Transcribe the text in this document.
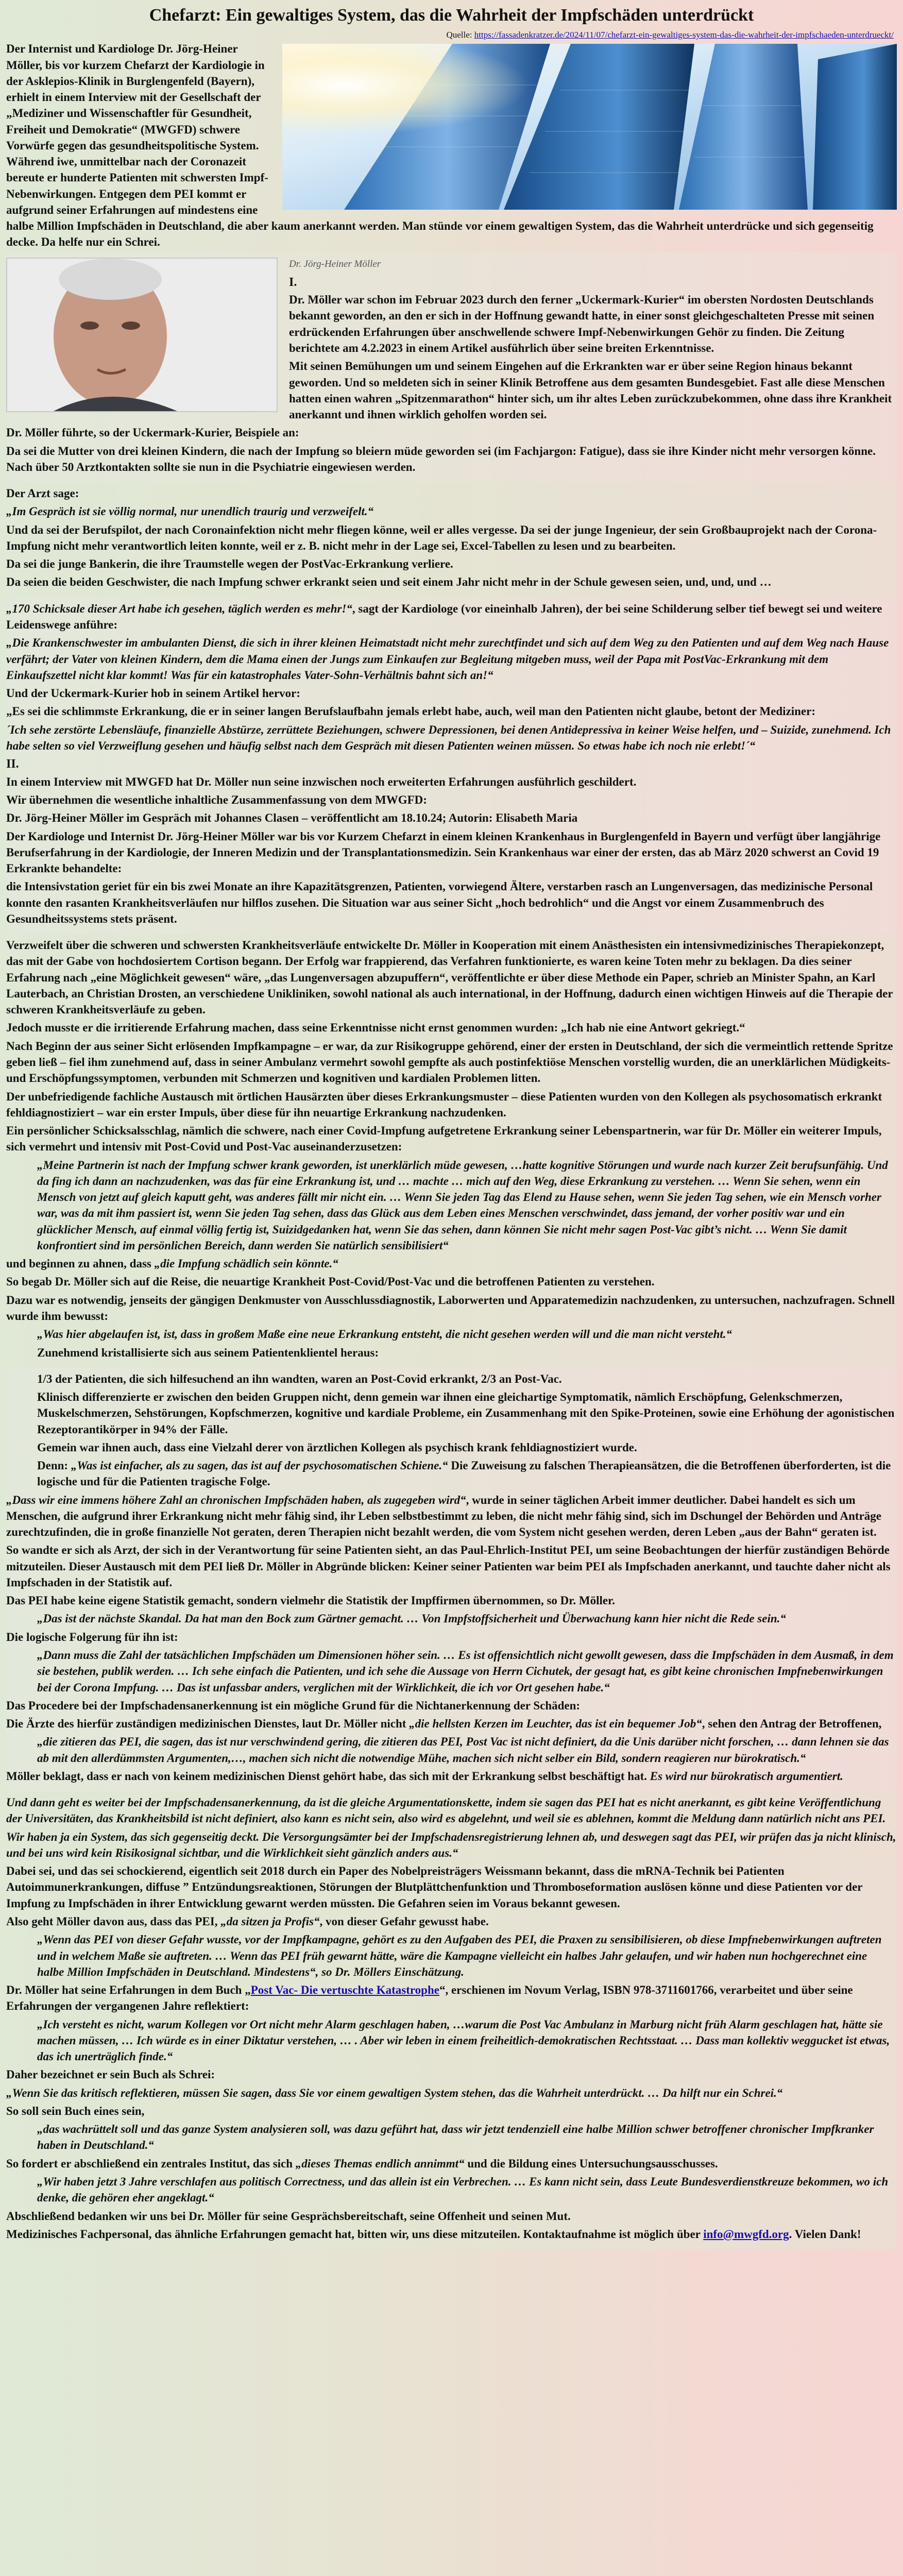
Chefarzt: Ein gewaltiges System, das die Wahrheit der Impfschäden unterdrückt
Quelle: https://fassadenkratzer.de/2024/11/07/chefarzt-ein-gewaltiges-system-das-die-wahrheit-der-impfschaeden-unterdrueckt/

Der Internist und Kardiologe Dr. Jörg-Heiner Möller, bis vor kurzem Chefarzt der Kardiologie in der Asklepios-Klinik in Burglengenfeld (Bayern), erhielt in einem Interview mit der Gesellschaft der „Mediziner und Wissenschaftler für Gesundheit, Freiheit und Demokratie“ (MWGFD) schwere Vorwürfe gegen das gesundheitspolitische System. Während iwe, unmittelbar nach der Coronazeit bereute er hunderte Patienten mit schwersten Impf-Nebenwirkungen. Entgegen dem PEI kommt er aufgrund seiner Erfahrungen auf mindestens eine halbe Million Impfschäden in Deutschland, die aber kaum anerkannt werden. Man stünde vor einem gewaltigen System, das die Wahrheit unterdrücke und sich gegenseitig decke. Da helfe nur ein Schrei.

Dr. Jörg-Heiner Möller
I.

Dr. Möller war schon im Februar 2023 durch den ferner „Uckermark-Kurier“ im obersten Nordosten Deutschlands bekannt geworden, an den er sich in der Hoffnung gewandt hatte, in einer sonst gleichgeschalteten Presse mit seinen erdrückenden Erfahrungen über anschwellende schwere Impf-Nebenwirkungen Gehör zu finden. Die Zeitung berichtete am 4.2.2023 in einem Artikel ausführlich über seine breiten Erkenntnisse.

Mit seinen Bemühungen um und seinem Eingehen auf die Erkrankten war er über seine Region hinaus bekannt geworden. Und so meldeten sich in seiner Klinik Betroffene aus dem gesamten Bundesgebiet. Fast alle diese Menschen hatten einen wahren „Spitzenmarathon“ hinter sich, um ihr altes Leben zurückzubekommen, ohne dass ihre Krankheit anerkannt und ihnen wirklich geholfen worden sei.

Dr. Möller führte, so der Uckermark-Kurier, Beispiele an:

Da sei die Mutter von drei kleinen Kindern, die nach der Impfung so bleiern müde geworden sei (im Fachjargon: Fatigue), dass sie ihre Kinder nicht mehr versorgen könne. Nach über 50 Arztkontakten sollte sie nun in die Psychiatrie eingewiesen werden.

Der Arzt sage:

„Im Gespräch ist sie völlig normal, nur unendlich traurig und verzweifelt.“

Und da sei der Berufspilot, der nach Coronainfektion nicht mehr fliegen könne, weil er alles vergesse. Da sei der junge Ingenieur, der sein Großbauprojekt nach der Corona-Impfung nicht mehr verantwortlich leiten konnte, weil er z. B. nicht mehr in der Lage sei, Excel-Tabellen zu lesen und zu bearbeiten.

Da sei die junge Bankerin, die ihre Traumstelle wegen der PostVac-Erkrankung verliere.

Da seien die beiden Geschwister, die nach Impfung schwer erkrankt seien und seit einem Jahr nicht mehr in der Schule gewesen seien, und, und, und …

„170 Schicksale dieser Art habe ich gesehen, täglich werden es mehr!“, sagt der Kardiologe (vor eineinhalb Jahren), der bei seine Schilderung selber tief bewegt sei und weitere Leidenswege anführe:

„Die Krankenschwester im ambulanten Dienst, die sich in ihrer kleinen Heimatstadt nicht mehr zurechtfindet und sich auf dem Weg zu den Patienten und auf dem Weg nach Hause verfährt; der Vater von kleinen Kindern, dem die Mama einen der Jungs zum Einkaufen zur Begleitung mitgeben muss, weil der Papa mit PostVac-Erkrankung mit dem Einkaufszettel nicht klar kommt! Was für ein katastrophales Vater-Sohn-Verhältnis bahnt sich an!“

Und der Uckermark-Kurier hob in seinem Artikel hervor:

„Es sei die schlimmste Erkrankung, die er in seiner langen Berufslaufbahn jemals erlebt habe, auch, weil man den Patienten nicht glaube, betont der Mediziner:

´Ich sehe zerstörte Lebensläufe, finanzielle Abstürze, zerrüttete Beziehungen, schwere Depressionen, bei denen Antidepressiva in keiner Weise helfen, und – Suizide, zunehmend. Ich habe selten so viel Verzweiflung gesehen und häufig selbst nach dem Gespräch mit diesen Patienten weinen müssen. So etwas habe ich noch nie erlebt!´“

II.

In einem Interview mit MWGFD hat Dr. Möller nun seine inzwischen noch erweiterten Erfahrungen ausführlich geschildert.

Wir übernehmen die wesentliche inhaltliche Zusammenfassung von dem MWGFD:

Dr. Jörg-Heiner Möller im Gespräch mit Johannes Clasen – veröffentlicht am 18.10.24; Autorin: Elisabeth Maria

Der Kardiologe und Internist Dr. Jörg-Heiner Möller war bis vor Kurzem Chefarzt in einem kleinen Krankenhaus in Burglengenfeld in Bayern und verfügt über langjährige Berufserfahrung in der Kardiologie, der Inneren Medizin und der Transplantationsmedizin. Sein Krankenhaus war einer der ersten, das ab März 2020 schwerst an Covid 19 Erkrankte behandelte:

die Intensivstation geriet für ein bis zwei Monate an ihre Kapazitätsgrenzen, Patienten, vorwiegend Ältere, verstarben rasch an Lungenversagen, das medizinische Personal konnte den rasanten Krankheitsverläufen nur hilflos zusehen. Die Situation war aus seiner Sicht „hoch bedrohlich“ und die Angst vor einem Zusammenbruch des Gesundheitssystems stets präsent.

Verzweifelt über die schweren und schwersten Krankheitsverläufe entwickelte Dr. Möller in Kooperation mit einem Anästhesisten ein intensivmedizinisches Therapiekonzept, das mit der Gabe von hochdosiertem Cortison begann. Der Erfolg war frappierend, das Verfahren funktionierte, es waren keine Toten mehr zu beklagen. Da dies seiner Erfahrung nach „eine Möglichkeit gewesen“ wäre, „das Lungenversagen abzupuffern“, veröffentlichte er über diese Methode ein Paper, schrieb an Minister Spahn, an Karl Lauterbach, an Christian Drosten, an verschiedene Unikliniken, sowohl national als auch international, in der Hoffnung, dadurch einen wichtigen Hinweis auf die Therapie der schweren Krankheitsverläufe zu geben.

Jedoch musste er die irritierende Erfahrung machen, dass seine Erkenntnisse nicht ernst genommen wurden: „Ich hab nie eine Antwort gekriegt.“

Nach Beginn der aus seiner Sicht erlösenden Impfkampagne – er war, da zur Risikogruppe gehörend, einer der ersten in Deutschland, der sich die vermeintlich rettende Spritze geben ließ – fiel ihm zunehmend auf, dass in seiner Ambulanz vermehrt sowohl gempfte als auch postinfektiöse Menschen vorstellig wurden, die an unerklärlichen Müdigkeits- und Erschöpfungssymptomen, verbunden mit Schmerzen und kognitiven und kardialen Problemen litten.

Der unbefriedigende fachliche Austausch mit örtlichen Hausärzten über dieses Erkrankungsmuster – diese Patienten wurden von den Kollegen als psychosomatisch erkrankt fehldiagnostiziert – war ein erster Impuls, über diese für ihn neuartige Erkrankung nachzudenken.

Ein persönlicher Schicksalsschlag, nämlich die schwere, nach einer Covid-Impfung aufgetretene Erkrankung seiner Lebenspartnerin, war für Dr. Möller ein weiterer Impuls, sich vermehrt und intensiv mit Post-Covid und Post-Vac auseinanderzusetzen:

„Meine Partnerin ist nach der Impfung schwer krank geworden, ist unerklärlich müde gewesen, …hatte kognitive Störungen und wurde nach kurzer Zeit berufsunfähig. Und da fing ich dann an nachzudenken, was das für eine Erkrankung ist, und … machte … mich auf den Weg, diese Erkrankung zu verstehen. … Wenn Sie sehen, wenn ein Mensch von jetzt auf gleich kaputt geht, was anderes fällt mir nicht ein. … Wenn Sie jeden Tag das Elend zu Hause sehen, wenn Sie jeden Tag sehen, wie ein Mensch vorher war, was da mit ihm passiert ist, wenn Sie jeden Tag sehen, dass das Glück aus dem Leben eines Menschen verschwindet, dass jemand, der vorher positiv war und ein glücklicher Mensch, auf einmal völlig fertig ist, Suizidgedanken hat, wenn Sie das sehen, dann können Sie nicht mehr sagen Post-Vac gibt’s nicht. … Wenn Sie damit konfrontiert sind im persönlichen Bereich, dann werden Sie natürlich sensibilisiert“

und beginnen zu ahnen, dass „die Impfung schädlich sein könnte.“

So begab Dr. Möller sich auf die Reise, die neuartige Krankheit Post-Covid/Post-Vac und die betroffenen Patienten zu verstehen.

Dazu war es notwendig, jenseits der gängigen Denkmuster von Ausschlussdiagnostik, Laborwerten und Apparatemedizin nachzudenken, zu untersuchen, nachzufragen. Schnell wurde ihm bewusst:

„Was hier abgelaufen ist, ist, dass in großem Maße eine neue Erkrankung entsteht, die nicht gesehen werden will und die man nicht versteht.“

Zunehmend kristallisierte sich aus seinem Patientenklientel heraus:

1/3 der Patienten, die sich hilfesuchend an ihn wandten, waren an Post-Covid erkrankt, 2/3 an Post-Vac.

Klinisch differenzierte er zwischen den beiden Gruppen nicht, denn gemein war ihnen eine gleichartige Symptomatik, nämlich Erschöpfung, Gelenkschmerzen, Muskelschmerzen, Sehstörungen, Kopfschmerzen, kognitive und kardiale Probleme, ein Zusammenhang mit den Spike-Proteinen, sowie eine Erhöhung der agonistischen Rezeptorantikörper in 94% der Fälle.

Gemein war ihnen auch, dass eine Vielzahl derer von ärztlichen Kollegen als psychisch krank fehldiagnostiziert wurde.

Denn: „Was ist einfacher, als zu sagen, das ist auf der psychosomatischen Schiene.“ Die Zuweisung zu falschen Therapieansätzen, die die Betroffenen überforderten, ist die logische und für die Patienten tragische Folge.

„Dass wir eine immens höhere Zahl an chronischen Impfschäden haben, als zugegeben wird“, wurde in seiner täglichen Arbeit immer deutlicher. Dabei handelt es sich um Menschen, die aufgrund ihrer Erkrankung nicht mehr fähig sind, ihr Leben selbstbestimmt zu leben, die nicht mehr fähig sind, sich im Dschungel der Behörden und Anträge zurechtzufinden, die in große finanzielle Not geraten, deren Therapien nicht bezahlt werden, die vom System nicht gesehen werden, deren Leben „aus der Bahn“ geraten ist.

So wandte er sich als Arzt, der sich in der Verantwortung für seine Patienten sieht, an das Paul-Ehrlich-Institut PEI, um seine Beobachtungen der hierfür zuständigen Behörde mitzuteilen. Dieser Austausch mit dem PEI ließ Dr. Möller in Abgründe blicken: Keiner seiner Patienten war beim PEI als Impfschaden anerkannt, und tauchte daher nicht als Impfschaden in der Statistik auf.

Das PEI habe keine eigene Statistik gemacht, sondern vielmehr die Statistik der Impffirmen übernommen, so Dr. Möller.

„Das ist der nächste Skandal. Da hat man den Bock zum Gärtner gemacht. … Von Impfstoffsicherheit und Überwachung kann hier nicht die Rede sein.“

Die logische Folgerung für ihn ist:

„Dann muss die Zahl der tatsächlichen Impfschäden um Dimensionen höher sein. … Es ist offensichtlich nicht gewollt gewesen, dass die Impfschäden in dem Ausmaß, in dem sie bestehen, publik werden. … Ich sehe einfach die Patienten, und ich sehe die Aussage von Herrn Cichutek, der gesagt hat, es gibt keine chronischen Impfnebenwirkungen bei der Corona Impfung. … Das ist unfassbar anders, verglichen mit der Wirklichkeit, die ich vor Ort gesehen habe.“

Das Procedere bei der Impfschadensanerkennung ist ein mögliche Grund für die Nichtanerkennung der Schäden:

Die Ärzte des hierfür zuständigen medizinischen Dienstes, laut Dr. Möller nicht „die hellsten Kerzen im Leuchter, das ist ein bequemer Job“, sehen den Antrag der Betroffenen,

„die zitieren das PEI, die sagen, das ist nur verschwindend gering, die zitieren das PEI, Post Vac ist nicht definiert, da die Unis darüber nicht forschen, … dann lehnen sie das ab mit den allerdümmsten Argumenten,…, machen sich nicht die notwendige Mühe, machen sich nicht selber ein Bild, sondern reagieren nur bürokratisch.“

Möller beklagt, dass er nach von keinem medizinischen Dienst gehört habe, das sich mit der Erkrankung selbst beschäftigt hat. Es wird nur bürokratisch argumentiert.

Und dann geht es weiter bei der Impfschadensanerkennung, da ist die gleiche Argumentationskette, indem sie sagen das PEI hat es nicht anerkannt, es gibt keine Veröffentlichung der Universitäten, das Krankheitsbild ist nicht definiert, also kann es nicht sein, also wird es abgelehnt, und weil sie es ablehnen, kommt die Meldung dann natürlich nicht ans PEI.

Wir haben ja ein System, das sich gegenseitig deckt. Die Versorgungsämter bei der Impfschadensregistrierung lehnen ab, und deswegen sagt das PEI, wir prüfen das ja nicht klinisch, und bei uns wird kein Risikosignal sichtbar, und die Wirklichkeit sieht gänzlich anders aus.“

Dabei sei, und das sei schockierend, eigentlich seit 2018 durch ein Paper des Nobelpreisträgers Weissmann bekannt, dass die mRNA-Technik bei Patienten Autoimmunerkrankungen, diffuse ” Entzündungsreaktionen, Störungen der Blutplättchenfunktion und Thromboseformation auslösen könne und diese Patienten vor der Impfung zu Impfschäden in ihrer Entwicklung gewarnt werden müssten. Die Gefahren seien im Voraus bekannt gewesen.

Also geht Möller davon aus, dass das PEI, „da sitzen ja Profis“, von dieser Gefahr gewusst habe.

„Wenn das PEI von dieser Gefahr wusste, vor der Impfkampagne, gehört es zu den Aufgaben des PEI, die Praxen zu sensibilisieren, ob diese Impfnebenwirkungen auftreten und in welchem Maße sie auftreten. … Wenn das PEI früh gewarnt hätte, wäre die Kampagne vielleicht ein halbes Jahr gelaufen, und wir haben nun hochgerechnet eine halbe Million Impfschäden in Deutschland. Mindestens“, so Dr. Möllers Einschätzung.

Dr. Möller hat seine Erfahrungen in dem Buch „Post Vac- Die vertuschte Katastrophe“, erschienen im Novum Verlag, ISBN 978-3711601766, verarbeitet und über seine Erfahrungen der vergangenen Jahre reflektiert:

„Ich versteht es nicht, warum Kollegen vor Ort nicht mehr Alarm geschlagen haben, …warum die Post Vac Ambulanz in Marburg nicht früh Alarm geschlagen hat, hätte sie machen müssen, … Ich würde es in einer Diktatur verstehen, … . Aber wir leben in einem freiheitlich-demokratischen Rechtsstaat. … Dass man kollektiv weggucket ist etwas, das ich unerträglich finde.“

Daher bezeichnet er sein Buch als Schrei:

„Wenn Sie das kritisch reflektieren, müssen Sie sagen, dass Sie vor einem gewaltigen System stehen, das die Wahrheit unterdrückt. … Da hilft nur ein Schrei.“

So soll sein Buch eines sein,

„das wachrüttelt soll und das ganze System analysieren soll, was dazu geführt hat, dass wir jetzt tendenziell eine halbe Million schwer betroffener chronischer Impfkranker haben in Deutschland.“

So fordert er abschließend ein zentrales Institut, das sich „dieses Themas endlich annimmt“ und die Bildung eines Untersuchungsausschusses.

„Wir haben jetzt 3 Jahre verschlafen aus politisch Correctness, und das allein ist ein Verbrechen. … Es kann nicht sein, dass Leute Bundesverdienstkreuze bekommen, wo ich denke, die gehören eher angeklagt.“

Abschließend bedanken wir uns bei Dr. Möller für seine Gesprächsbereitschaft, seine Offenheit und seinen Mut.

Medizinisches Fachpersonal, das ähnliche Erfahrungen gemacht hat, bitten wir, uns diese mitzuteilen. Kontaktaufnahme ist möglich über info@mwgfd.org. Vielen Dank!
